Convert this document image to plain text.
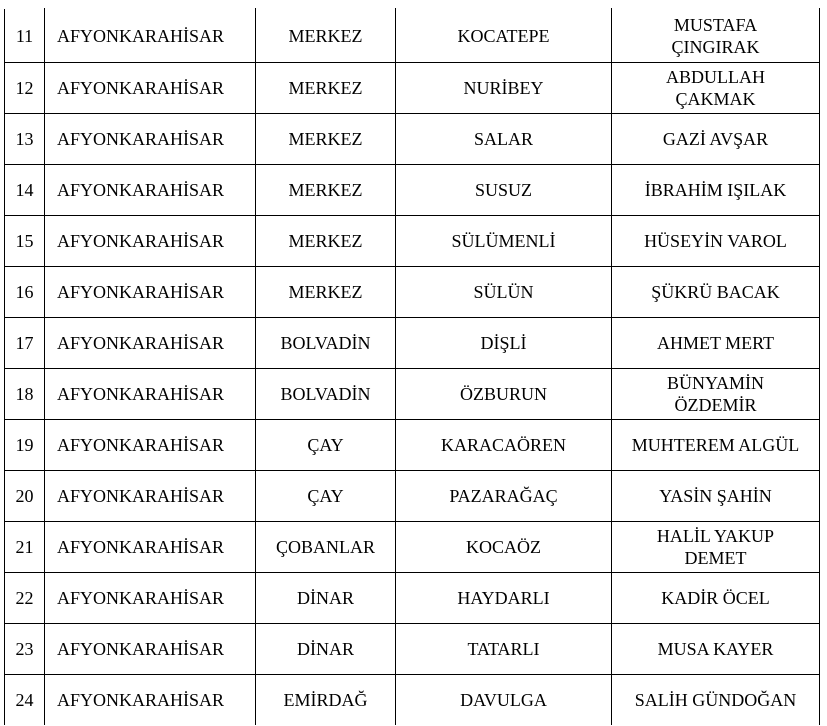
11	AFYONKARAHİSAR	MERKEZ	KOCATEPE	MUSTAFA
ÇINGIRAK

12	AFYONKARAHİSAR	MERKEZ	NURİBEY	ABDULLAH
ÇAKMAK

13	AFYONKARAHİSAR	MERKEZ	SALAR	GAZİ AVŞAR

14	AFYONKARAHİSAR	MERKEZ	SUSUZ	İBRAHİM IŞILAK

15	AFYONKARAHİSAR	MERKEZ	SÜLÜMENLİ	HÜSEYİN VAROL

16	AFYONKARAHİSAR	MERKEZ	SÜLÜN	ŞÜKRÜ BACAK

17	AFYONKARAHİSAR	BOLVADİN	DİŞLİ	AHMET MERT

18	AFYONKARAHİSAR	BOLVADİN	ÖZBURUN	BÜNYAMİN
ÖZDEMİR

19	AFYONKARAHİSAR	ÇAY	KARACAÖREN	MUHTEREM ALGÜL

20	AFYONKARAHİSAR	ÇAY	PAZARAĞAÇ	YASİN ŞAHİN

21	AFYONKARAHİSAR	ÇOBANLAR	KOCAÖZ	HALİL YAKUP
DEMET

22	AFYONKARAHİSAR	DİNAR	HAYDARLI	KADİR ÖCEL

23	AFYONKARAHİSAR	DİNAR	TATARLI	MUSA KAYER

24	AFYONKARAHİSAR	EMİRDAĞ	DAVULGA	SALİH GÜNDOĞAN
